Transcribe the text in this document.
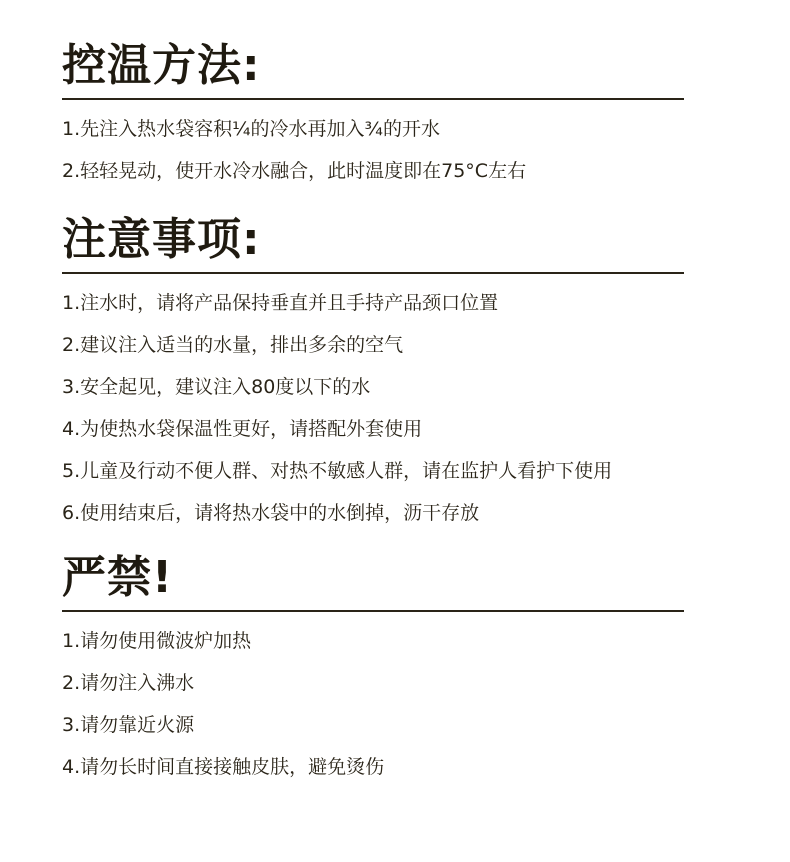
控温方法:
1.先注入热水袋容积¼的冷水再加入¾的开水
2.轻轻晃动，使开水冷水融合，此时温度即在75°C左右
注意事项:
1.注水时，请将产品保持垂直并且手持产品颈口位置
2.建议注入适当的水量，排出多余的空气
3.安全起见，建议注入80度以下的水
4.为使热水袋保温性更好，请搭配外套使用
5.儿童及行动不便人群、对热不敏感人群，请在监护人看护下使用
6.使用结束后，请将热水袋中的水倒掉，沥干存放
严禁!
1.请勿使用微波炉加热
2.请勿注入沸水
3.请勿靠近火源
4.请勿长时间直接接触皮肤，避免烫伤
